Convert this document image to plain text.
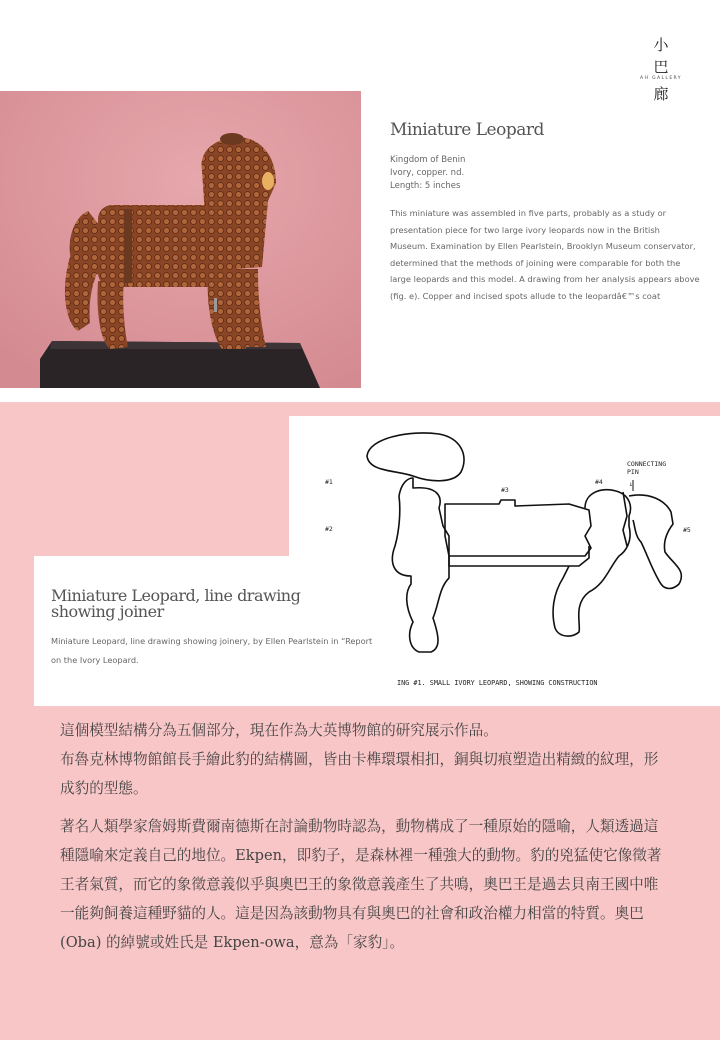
小
巴
AH GALLERY
廊
Miniature Leopard
Kingdom of Benin
Ivory, copper. nd.
Length: 5 inches
This miniature was assembled in five parts, probably as a study or presentation piece for two large ivory leopards now in the British Museum. Examination by Ellen Pearlstein, Brooklyn Museum conservator, determined that the methods of joining were comparable for both the large leopards and this model. A drawing from her analysis appears above (fig. e). Copper and incised spots allude to the leopardâ€™s coat
#1
#2
#3
#4
#5
CONNECTING
PIN
↓
ING #1. SMALL IVORY LEOPARD, SHOWING CONSTRUCTION
Miniature Leopard, line drawing
showing joiner
Miniature Leopard, line drawing showing joinery, by Ellen Pearlstein in “Report on the Ivory Leopard.

這個模型結構分為五個部分，現在作為大英博物館的研究展示作品。

布魯克林博物館館長手繪此豹的結構圖，皆由卡榫環環相扣，銅與切痕塑造出精緻的紋理，形成豹的型態。

著名人類學家詹姆斯費爾南德斯在討論動物時認為，動物構成了一種原始的隱喻，人類透過這種隱喻來定義自己的地位。Ekpen，即豹子，是森林裡一種強大的動物。豹的兇猛使它像徵著王者氣質，而它的象徵意義似乎與奧巴王的象徵意義產生了共鳴，奧巴王是過去貝南王國中唯一能夠飼養這種野貓的人。這是因為該動物具有與奧巴的社會和政治權力相當的特質。奧巴 (Oba) 的綽號或姓氏是 Ekpen-owa，意為「家豹」。
